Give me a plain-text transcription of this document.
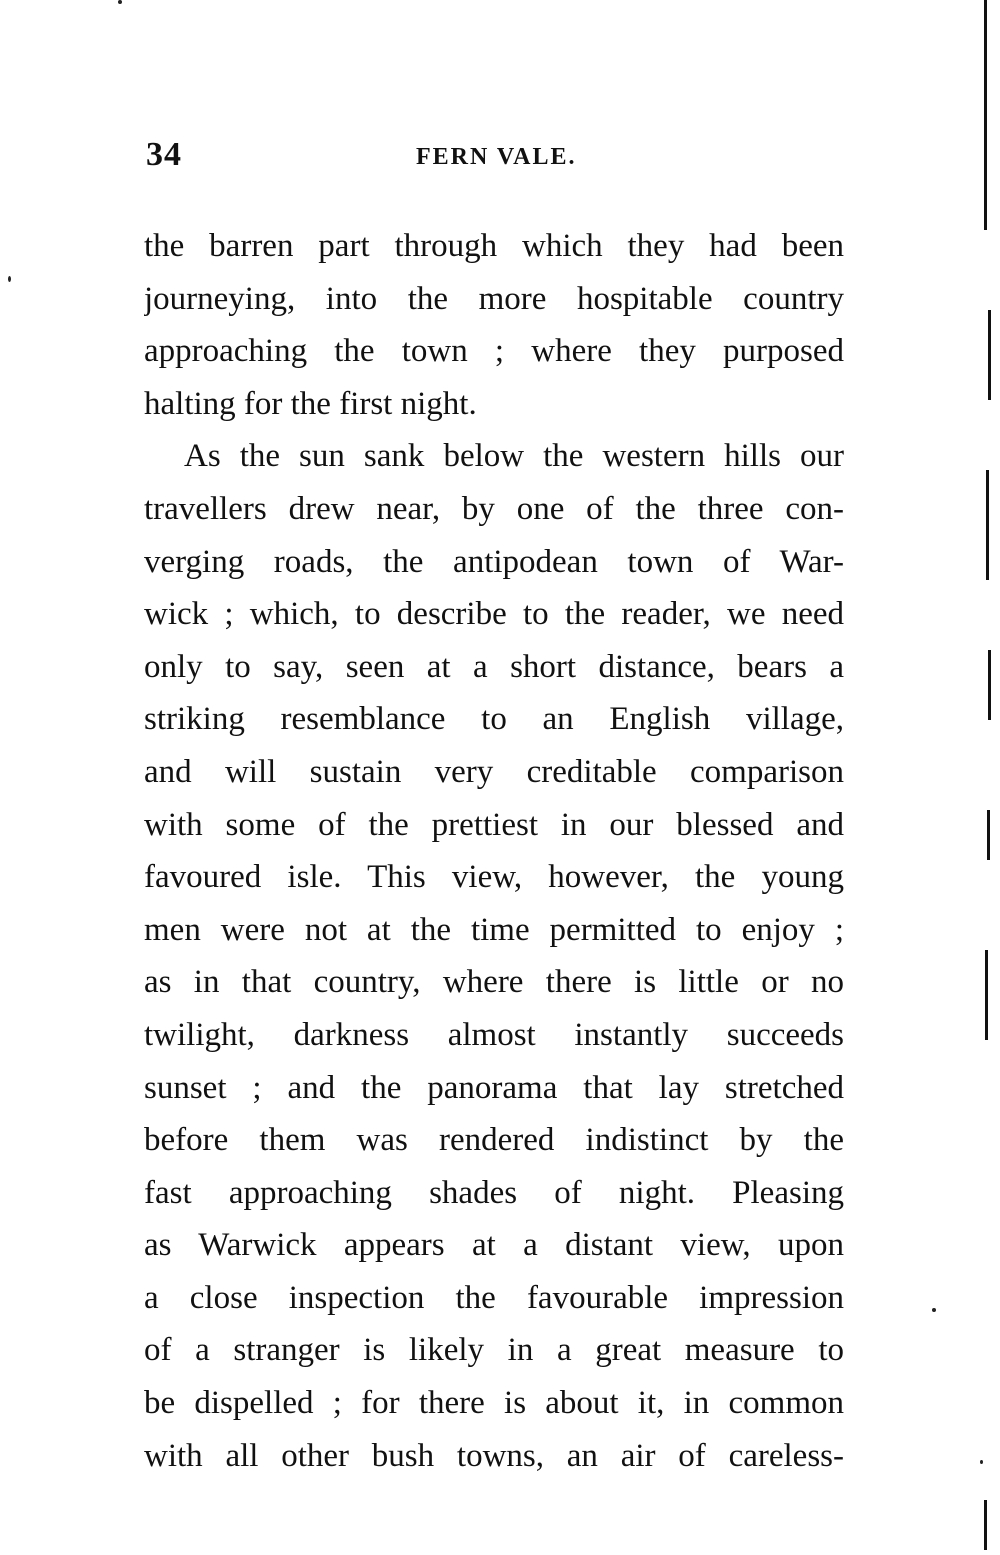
34	FERN VALE.
the barren part through which they had been
journeying, into the more hospitable country
approaching the town ; where they purposed
halting for the first night.
As the sun sank below the western hills our
travellers drew near, by one of the three con-
verging roads, the antipodean town of War-
wick ; which, to describe to the reader, we need
only to say, seen at a short distance, bears a
striking resemblance to an English village,
and will sustain very creditable comparison
with some of the prettiest in our blessed and
favoured isle. This view, however, the young
men were not at the time permitted to enjoy ;
as in that country, where there is little or no
twilight, darkness almost instantly succeeds
sunset ; and the panorama that lay stretched
before them was rendered indistinct by the
fast approaching shades of night. Pleasing
as Warwick appears at a distant view, upon
a close inspection the favourable impression
of a stranger is likely in a great measure to
be dispelled ; for there is about it, in common
with all other bush towns, an air of careless-
